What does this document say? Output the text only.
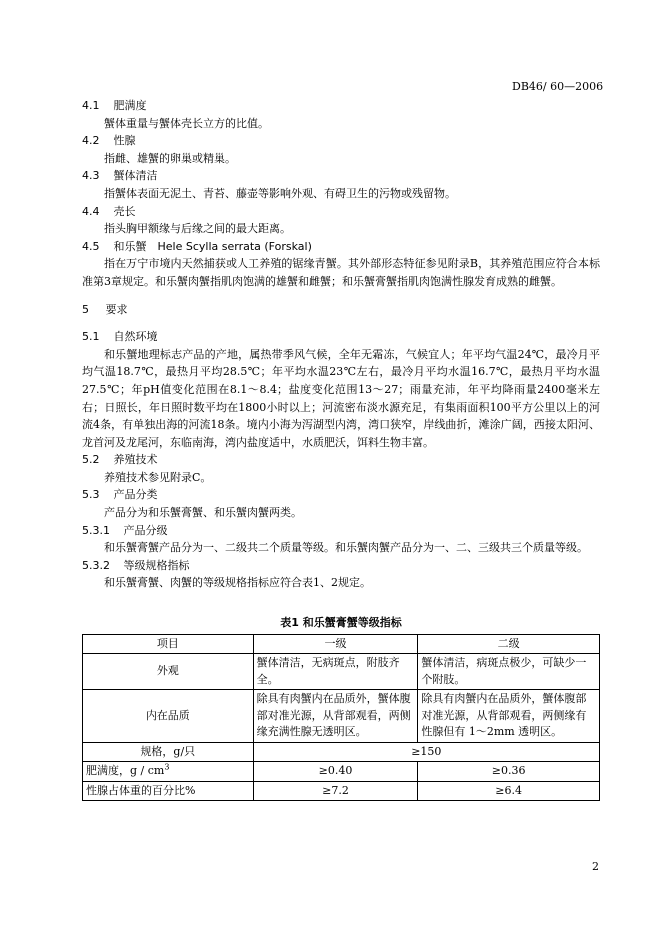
DB46/ 60—2006

4.1 肥满度

蟹体重量与蟹体壳长立方的比值。

4.2 性腺

指雌、雄蟹的卵巢或精巢。

4.3 蟹体清洁

指蟹体表面无泥土、青苔、藤壶等影响外观、有碍卫生的污物或残留物。

4.4 壳长

指头胸甲额缘与后缘之间的最大距离。

4.5 和乐蟹　Hele Scylla serrata (Forskal)

指在万宁市境内天然捕获或人工养殖的锯缘青蟹。其外部形态特征参见附录B，其养殖范围应符合本标准第3章规定。和乐蟹肉蟹指肌肉饱满的雄蟹和雌蟹；和乐蟹膏蟹指肌肉饱满性腺发育成熟的雌蟹。

5 要求

5.1 自然环境

和乐蟹地理标志产品的产地，属热带季风气候，全年无霜冻，气候宜人；年平均气温24℃，最冷月平均气温18.7℃，最热月平均28.5℃；年平均水温23℃左右，最冷月平均水温16.7℃，最热月平均水温27.5℃；年pH值变化范围在8.1～8.4；盐度变化范围13～27；雨量充沛，年平均降雨量2400毫米左右；日照长，年日照时数平均在1800小时以上；河流密布淡水源充足，有集雨面积100平方公里以上的河流4条，有单独出海的河流18条。境内小海为泻湖型内湾，湾口狭窄，岸线曲折，滩涂广阔，西接太阳河、龙首河及龙尾河，东临南海，湾内盐度适中，水质肥沃，饵料生物丰富。

5.2 养殖技术

养殖技术参见附录C。

5.3 产品分类

产品分为和乐蟹膏蟹、和乐蟹肉蟹两类。

5.3.1 产品分级

和乐蟹膏蟹产品分为一、二级共二个质量等级。和乐蟹肉蟹产品分为一、二、三级共三个质量等级。

5.3.2 等级规格指标

和乐蟹膏蟹、肉蟹的等级规格指标应符合表1、2规定。

表1 和乐蟹膏蟹等级指标
项目	一级	二级
外观	蟹体清洁，无病斑点，附肢齐全。	蟹体清洁，病斑点极少，可缺少一个附肢。
内在品质	除具有肉蟹内在品质外，蟹体腹部对准光源，从背部观看，两侧缘充满性腺无透明区。	除具有肉蟹内在品质外，蟹体腹部对准光源，从背部观看，两侧缘有性腺但有 1～2mm 透明区。
规格，g/只	≥150	
肥满度，g / $cm^3$	≥0.40	≥0.36
性腺占体重的百分比%	≥7.2	≥6.4
2
